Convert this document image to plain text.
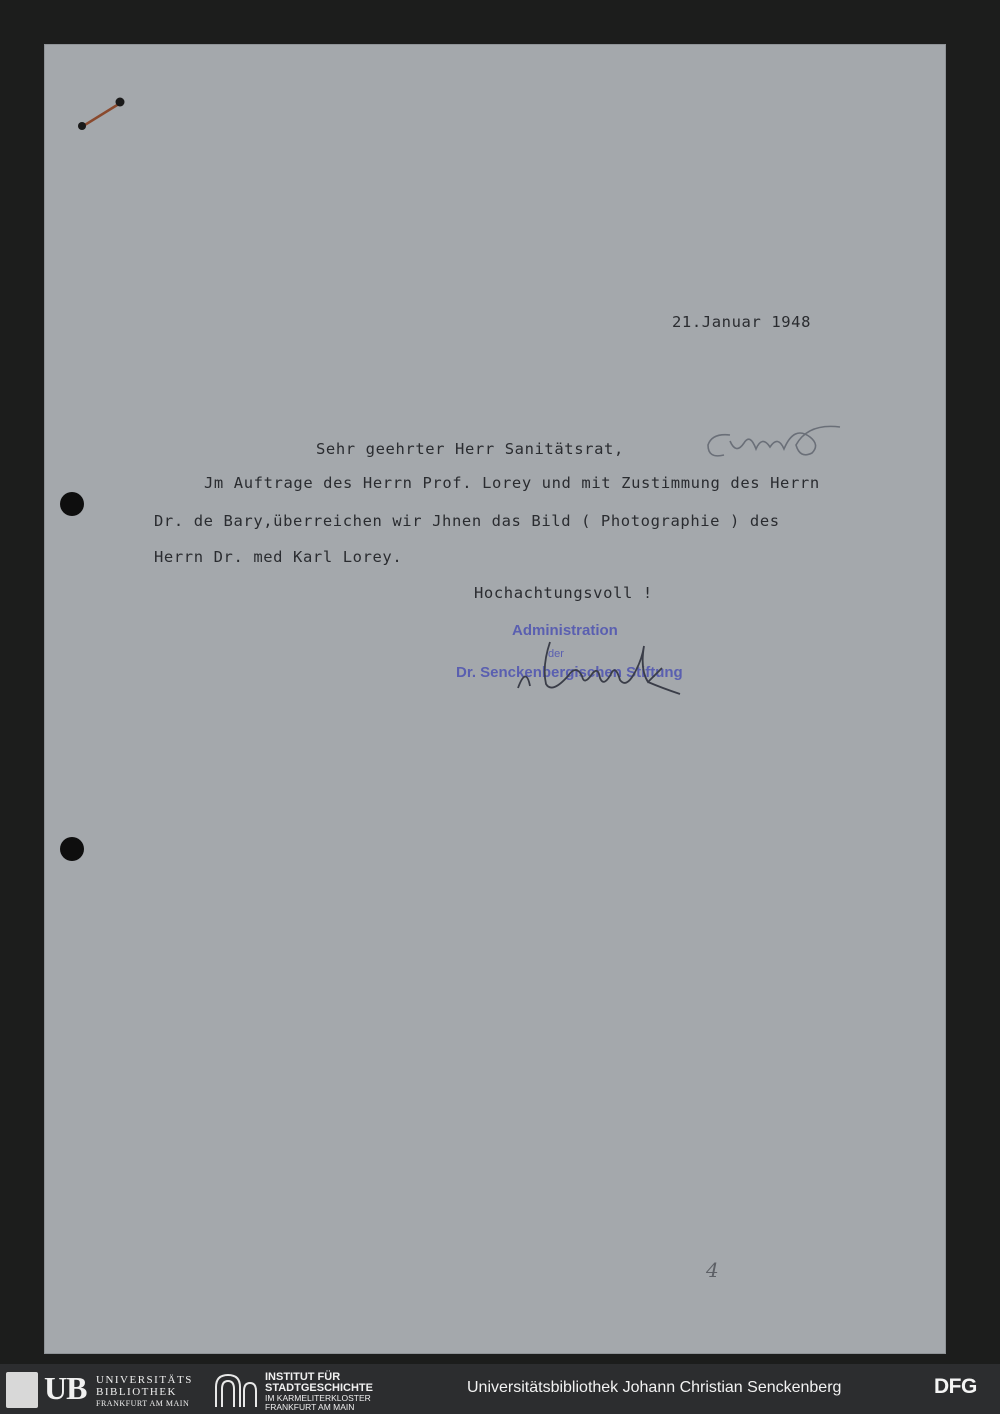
21.Januar 1948
Sehr geehrter Herr Sanitätsrat,
Jm Auftrage des Herrn Prof. Lorey und mit Zustimmung des Herrn
Dr. de Bary,überreichen wir Jhnen das Bild ( Photographie ) des
Herrn Dr. med Karl Lorey.
Hochachtungsvoll !
Administration
der
Dr. Senckenbergischen Stiftung
4
UB UNIVERSITÄTS
BIBLIOTHEK
FRANKFURT AM MAIN
INSTITUT FÜR
STADTGESCHICHTE
IM KARMELITERKLOSTER
FRANKFURT AM MAIN
Universitätsbibliothek Johann Christian Senckenberg	DFG
